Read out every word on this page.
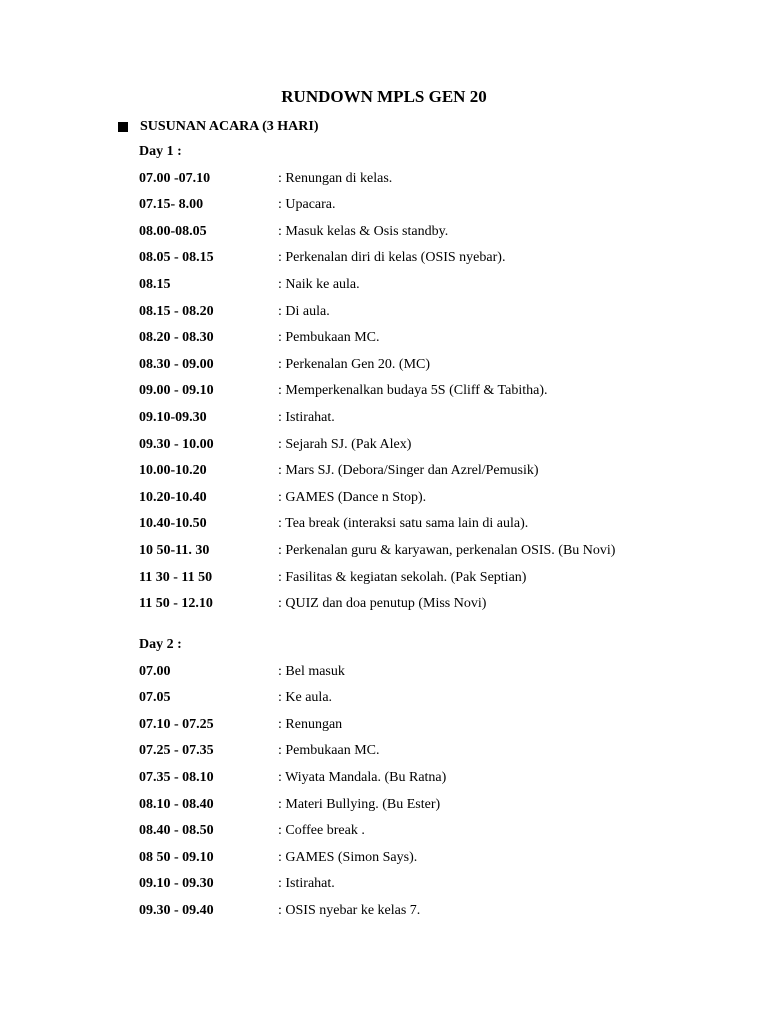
RUNDOWN MPLS GEN 20
SUSUNAN ACARA (3 HARI)
Day 1 :
07.00 -07.10	: Renungan di kelas.
07.15- 8.00	: Upacara.
08.00-08.05	: Masuk kelas & Osis standby.
08.05 - 08.15	: Perkenalan diri di kelas (OSIS nyebar).
08.15	: Naik ke aula.
08.15 - 08.20	: Di aula.
08.20 - 08.30	: Pembukaan MC.
08.30 - 09.00	: Perkenalan Gen 20. (MC)
09.00 - 09.10	: Memperkenalkan budaya 5S (Cliff & Tabitha).
09.10-09.30	: Istirahat.
09.30 - 10.00	: Sejarah SJ. (Pak Alex)
10.00-10.20	: Mars SJ. (Debora/Singer dan Azrel/Pemusik)
10.20-10.40	: GAMES (Dance n Stop).
10.40-10.50	: Tea break (interaksi satu sama lain di aula).
10 50-11. 30	: Perkenalan guru & karyawan, perkenalan OSIS. (Bu Novi)
11 30 - 11 50	: Fasilitas & kegiatan sekolah. (Pak Septian)
11 50 - 12.10	: QUIZ dan doa penutup (Miss Novi)
Day 2 :
07.00	: Bel masuk
07.05	: Ke aula.
07.10 - 07.25	: Renungan
07.25 - 07.35	: Pembukaan MC.
07.35 - 08.10	: Wiyata Mandala. (Bu Ratna)
08.10 - 08.40	: Materi Bullying. (Bu Ester)
08.40 - 08.50	: Coffee break .
08 50 - 09.10	: GAMES (Simon Says).
09.10 - 09.30	: Istirahat.
09.30 - 09.40	: OSIS nyebar ke kelas 7.
